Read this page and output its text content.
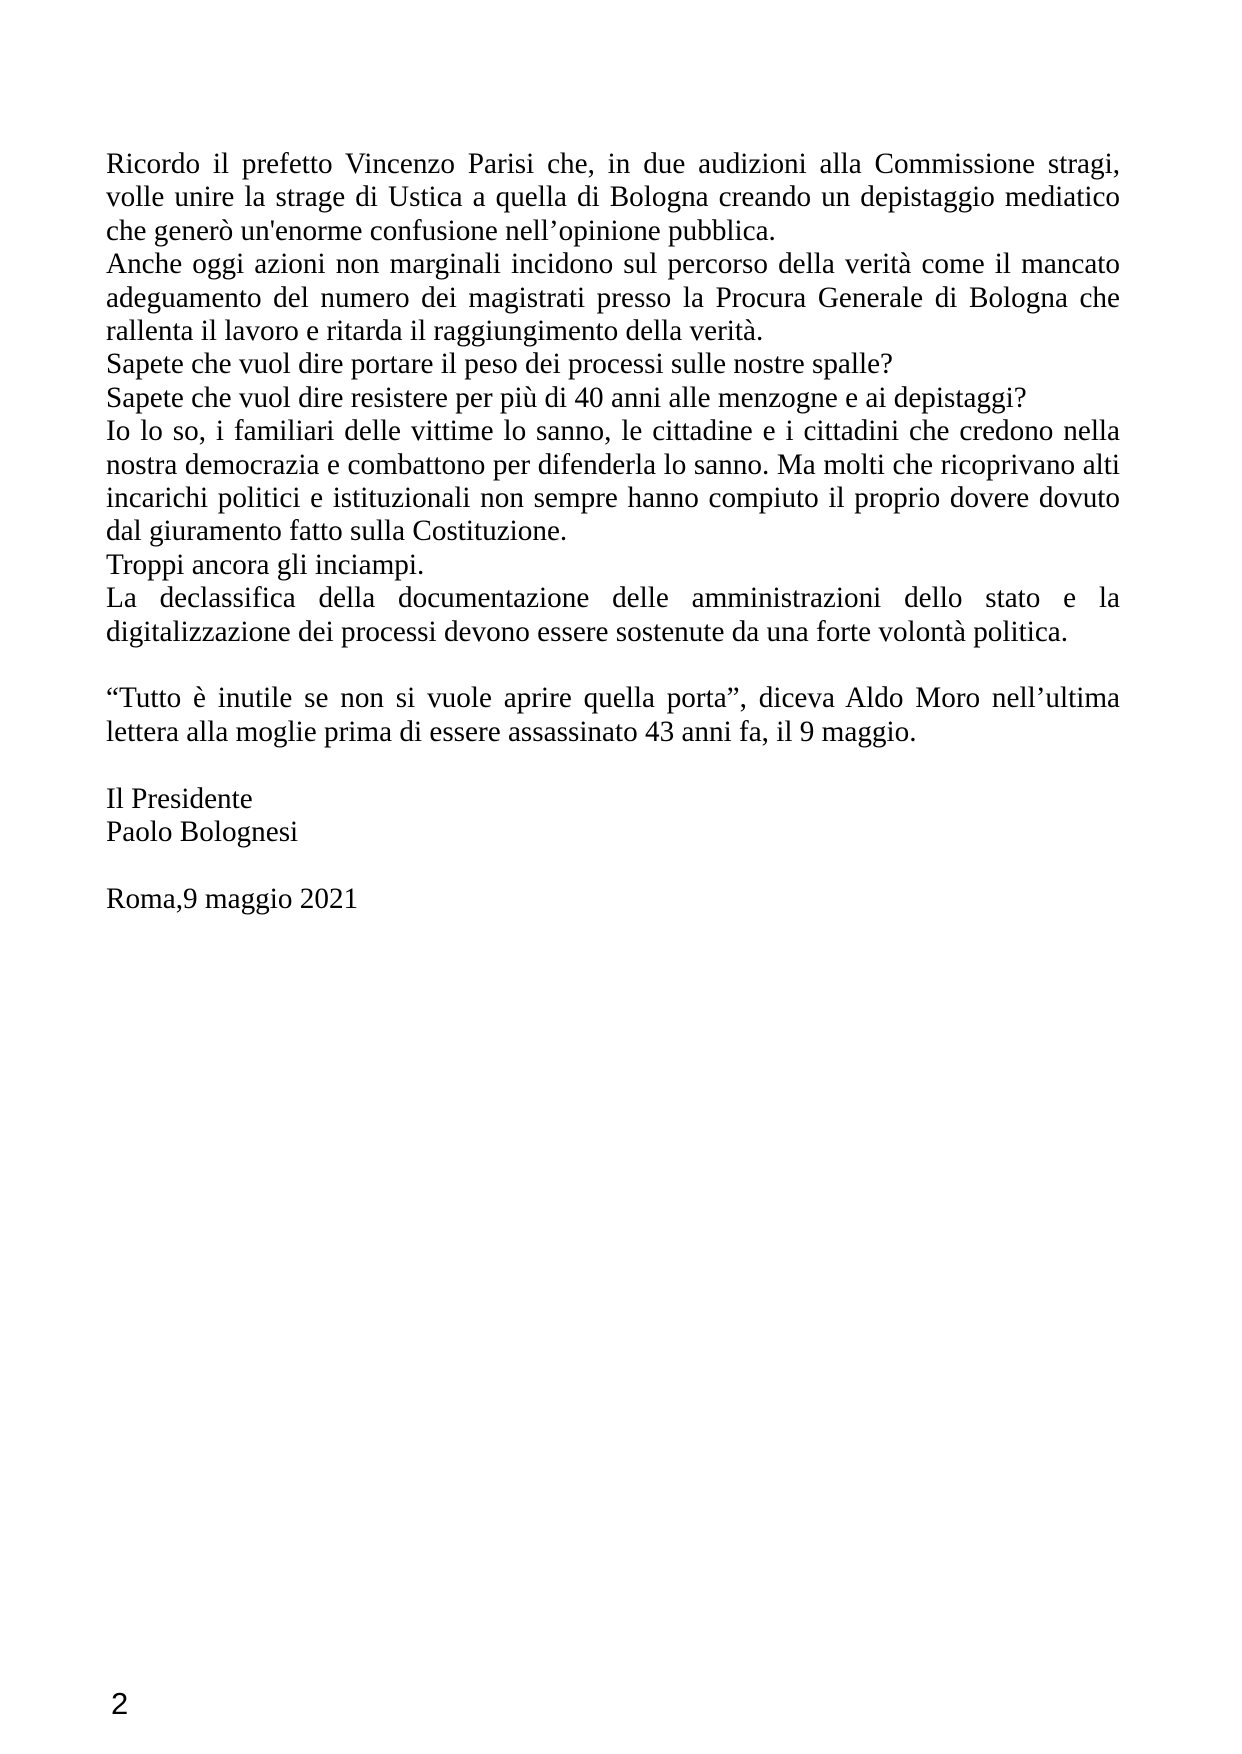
Ricordo il prefetto Vincenzo Parisi che, in due audizioni alla Commissione stragi, volle unire la strage di Ustica a quella di Bologna creando un depistaggio mediatico che generò un'enorme confusione nell’opinione pubblica.

Anche oggi azioni non marginali incidono sul percorso della verità come il mancato adeguamento del numero dei magistrati presso la Procura Generale di Bologna che rallenta il lavoro e ritarda il raggiungimento della verità.

Sapete che vuol dire portare il peso dei processi sulle nostre spalle?

Sapete che vuol dire resistere per più di 40 anni alle menzogne e ai depistaggi?

Io lo so, i familiari delle vittime lo sanno, le cittadine e i cittadini che credono nella nostra democrazia e combattono per difenderla lo sanno. Ma molti che ricoprivano alti incarichi politici e istituzionali non sempre hanno compiuto il proprio dovere dovuto dal giuramento fatto sulla Costituzione.

Troppi ancora gli inciampi.

La declassifica della documentazione delle amministrazioni dello stato e la digitalizzazione dei processi devono essere sostenute da una forte volontà politica.

“Tutto è inutile se non si vuole aprire quella porta”, diceva Aldo Moro nell’ultima lettera alla moglie prima di essere assassinato 43 anni fa, il 9 maggio.

Il Presidente

Paolo Bolognesi

Roma,9 maggio 2021

2
